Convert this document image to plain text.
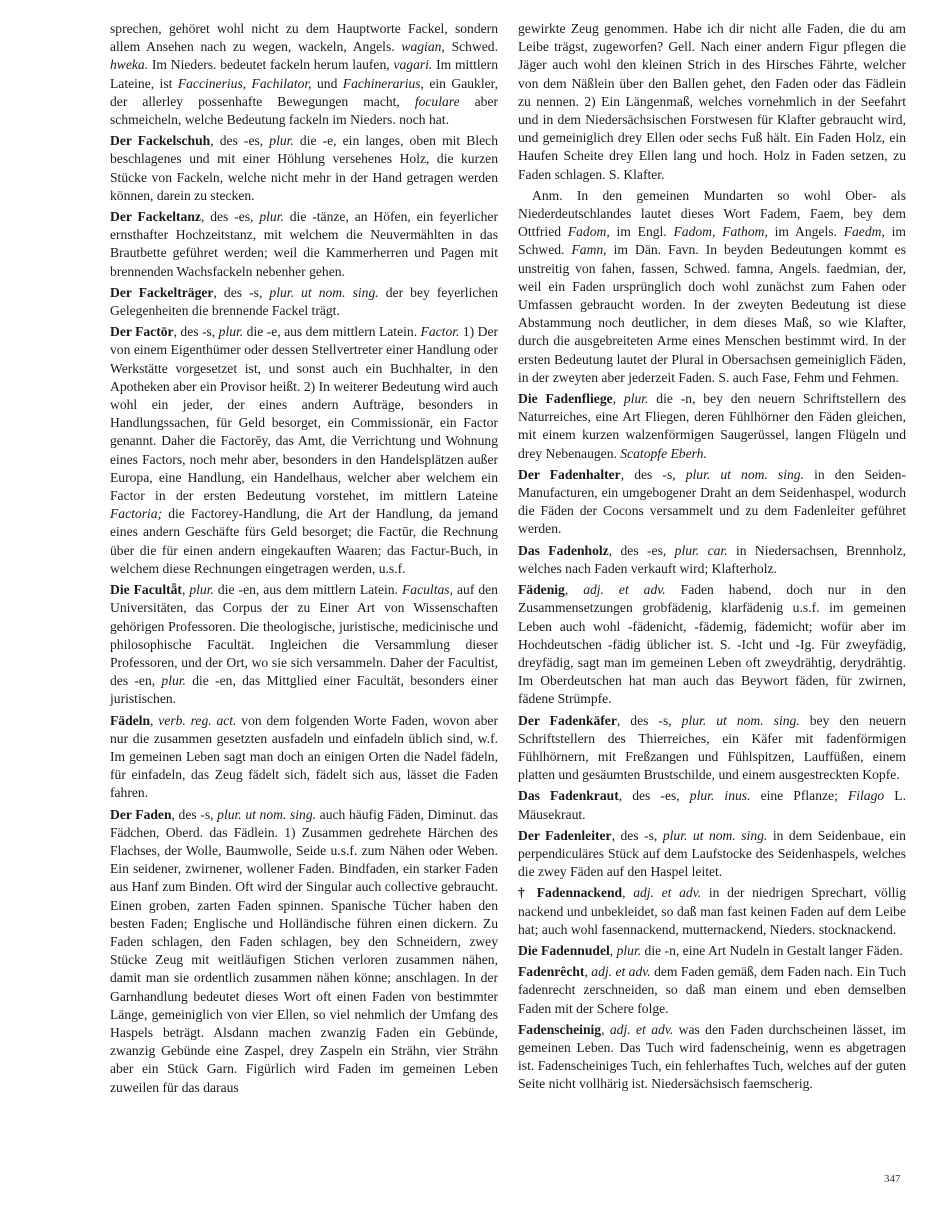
sprechen, gehöret wohl nicht zu dem Hauptworte Fackel, sondern allem Ansehen nach zu wegen, wackeln, Angels. wagian, Schwed. hweka. Im Nieders. bedeutet fackeln herum laufen, vagari. Im mittlern Lateine, ist Faccinerius, Fachilator, und Fachinerarius, ein Gaukler, der allerley possenhafte Bewegungen macht, foculare aber schmeicheln, welche Bedeutung fackeln im Nieders. noch hat.

Der Fackelschuh, des -es, plur. die -e, ein langes, oben mit Blech beschlagenes und mit einer Höhlung versehenes Holz, die kurzen Stücke von Fackeln, welche nicht mehr in der Hand getragen werden können, darein zu stecken.

Der Fackeltanz, des -es, plur. die -tänze, an Höfen, ein feyerlicher ernsthafter Hochzeitstanz, mit welchem die Neuvermählten in das Brautbette geführet werden; weil die Kammerherren und Pagen mit brennenden Wachsfackeln nebenher gehen.

Der Fackelträger, des -s, plur. ut nom. sing. der bey feyerlichen Gelegenheiten die brennende Fackel trägt.

Der Factōr, des -s, plur. die -e, aus dem mittlern Latein. Factor. 1) Der von einem Eigenthümer oder dessen Stellvertreter einer Handlung oder Werkstätte vorgesetzet ist, und sonst auch ein Buchhalter, in den Apotheken aber ein Provisor heißt. 2) In weiterer Bedeutung wird auch wohl ein jeder, der eines andern Aufträge, besonders in Handlungssachen, für Geld besorget, ein Commissionär, ein Factor genannt. Daher die Factorēy, das Amt, die Verrichtung und Wohnung eines Factors, noch mehr aber, besonders in den Handelsplätzen außer Europa, eine Handlung, ein Handelhaus, welcher aber welchem ein Factor in der ersten Bedeutung vorstehet, im mittlern Lateine Factoria; die Factorey-Handlung, die Art der Handlung, da jemand eines andern Geschäfte fürs Geld besorget; die Factūr, die Rechnung über die für einen andern eingekauften Waaren; das Factur-Buch, in welchem diese Rechnungen eingetragen werden, u.s.f.

Die Facultǟt, plur. die -en, aus dem mittlern Latein. Facultas, auf den Universitäten, das Corpus der zu Einer Art von Wissenschaften gehörigen Professoren. Die theologische, juristische, medicinische und philosophische Facultät. Ingleichen die Versammlung dieser Professoren, und der Ort, wo sie sich versammeln. Daher der Facultist, des -en, plur. die -en, das Mittglied einer Facultät, besonders einer juristischen.

Fädeln, verb. reg. act. von dem folgenden Worte Faden, wovon aber nur die zusammen gesetzten ausfadeln und einfadeln üblich sind, w.f. Im gemeinen Leben sagt man doch an einigen Orten die Nadel fädeln, für einfadeln, das Zeug fädelt sich, fädelt sich aus, lässet die Faden fahren.

Der Faden, des -s, plur. ut nom. sing. auch häufig Fäden, Diminut. das Fädchen, Oberd. das Fädlein. 1) Zusammen gedrehete Härchen des Flachses, der Wolle, Baumwolle, Seide u.s.f. zum Nähen oder Weben. Ein seidener, zwirnener, wollener Faden. Bindfaden, ein starker Faden aus Hanf zum Binden. Oft wird der Singular auch collective gebraucht. Einen groben, zarten Faden spinnen. Spanische Tücher haben den besten Faden; Englische und Holländische führen einen dickern. Zu Faden schlagen, den Faden schlagen, bey den Schneidern, zwey Stücke Zeug mit weitläufigen Stichen verloren zusammen nähen, damit man sie ordentlich zusammen nähen könne; anschlagen. In der Garnhandlung bedeutet dieses Wort oft einen Faden von bestimmter Länge, gemeiniglich von vier Ellen, so viel nehmlich der Umfang des Haspels beträgt. Alsdann machen zwanzig Faden ein Gebünde, zwanzig Gebünde eine Zaspel, drey Zaspeln ein Strähn, vier Strähn aber ein Stück Garn. Figürlich wird Faden im gemeinen Leben zuweilen für das daraus

gewirkte Zeug genommen. Habe ich dir nicht alle Faden, die du am Leibe trägst, zugeworfen? Gell. Nach einer andern Figur pflegen die Jäger auch wohl den kleinen Strich in des Hirsches Fährte, welcher von dem Näßlein über den Ballen gehet, den Faden oder das Fädlein zu nennen. 2) Ein Längenmaß, welches vornehmlich in der Seefahrt und in dem Niedersächsischen Forstwesen für Klafter gebraucht wird, und gemeiniglich drey Ellen oder sechs Fuß hält. Ein Faden Holz, ein Haufen Scheite drey Ellen lang und hoch. Holz in Faden setzen, zu Faden schlagen. S. Klafter.

Anm. In den gemeinen Mundarten so wohl Ober- als Niederdeutschlandes lautet dieses Wort Fadem, Faem, bey dem Ottfried Fadom, im Engl. Fadom, Fathom, im Angels. Faedm, im Schwed. Famn, im Dän. Favn. In beyden Bedeutungen kommt es unstreitig von fahen, fassen, Schwed. famna, Angels. faedmian, der, weil ein Faden ursprünglich doch wohl zunächst zum Fahen oder Umfassen gebraucht worden. In der zweyten Bedeutung ist diese Abstammung noch deutlicher, in dem dieses Maß, so wie Klafter, durch die ausgebreiteten Arme eines Menschen bestimmt wird. In der ersten Bedeutung lautet der Plural in Obersachsen gemeiniglich Fäden, in der zweyten aber jederzeit Faden. S. auch Fase, Fehm und Fehmen.

Die Fadenfliege, plur. die -n, bey den neuern Schriftstellern des Naturreiches, eine Art Fliegen, deren Fühlhörner den Fäden gleichen, mit einem kurzen walzenförmigen Saugerüssel, langen Flügeln und drey Nebenaugen. Scatopfe Eberh.

Der Fadenhalter, des -s, plur. ut nom. sing. in den Seiden-Manufacturen, ein umgebogener Draht an dem Seidenhaspel, wodurch die Fäden der Cocons versammelt und zu dem Fadenleiter geführet werden.

Das Fadenholz, des -es, plur. car. in Niedersachsen, Brennholz, welches nach Faden verkauft wird; Klafterholz.

Fädenig, adj. et adv. Faden habend, doch nur in den Zusammensetzungen grobfädenig, klarfädenig u.s.f. im gemeinen Leben auch wohl -fädenicht, -fädemig, fädemicht; wofür aber im Hochdeutschen -fädig üblicher ist. S. -Icht und -Ig. Für zweyfädig, dreyfädig, sagt man im gemeinen Leben oft zweydrähtig, derydrähtig. Im Oberdeutschen hat man auch das Beywort fäden, für zwirnen, fädene Strümpfe.

Der Fadenkäfer, des -s, plur. ut nom. sing. bey den neuern Schriftstellern des Thierreiches, ein Käfer mit fadenförmigen Fühlhörnern, mit Freßzangen und Fühlspitzen, Lauffüßen, einem platten und gesäumten Brustschilde, und einem ausgestreckten Kopfe.

Das Fadenkraut, des -es, plur. inus. eine Pflanze; Filago L. Mäusekraut.

Der Fadenleiter, des -s, plur. ut nom. sing. in dem Seidenbaue, ein perpendiculäres Stück auf dem Laufstocke des Seidenhaspels, welches die zwey Fäden auf den Haspel leitet.

† Fadennackend, adj. et adv. in der niedrigen Sprechart, völlig nackend und unbekleidet, so daß man fast keinen Faden auf dem Leibe hat; auch wohl fasennackend, mutternackend, Nieders. stocknackend.

Die Fadennudel, plur. die -n, eine Art Nudeln in Gestalt langer Fäden.

Fadenrêcht, adj. et adv. dem Faden gemäß, dem Faden nach. Ein Tuch fadenrecht zerschneiden, so daß man einem und eben demselben Faden mit der Schere folge.

Fadenscheinig, adj. et adv. was den Faden durchscheinen lässet, im gemeinen Leben. Das Tuch wird fadenscheinig, wenn es abgetragen ist. Fadenscheiniges Tuch, ein fehlerhaftes Tuch, welches auf der guten Seite nicht vollhärig ist. Niedersächsisch faemscherig.

347
